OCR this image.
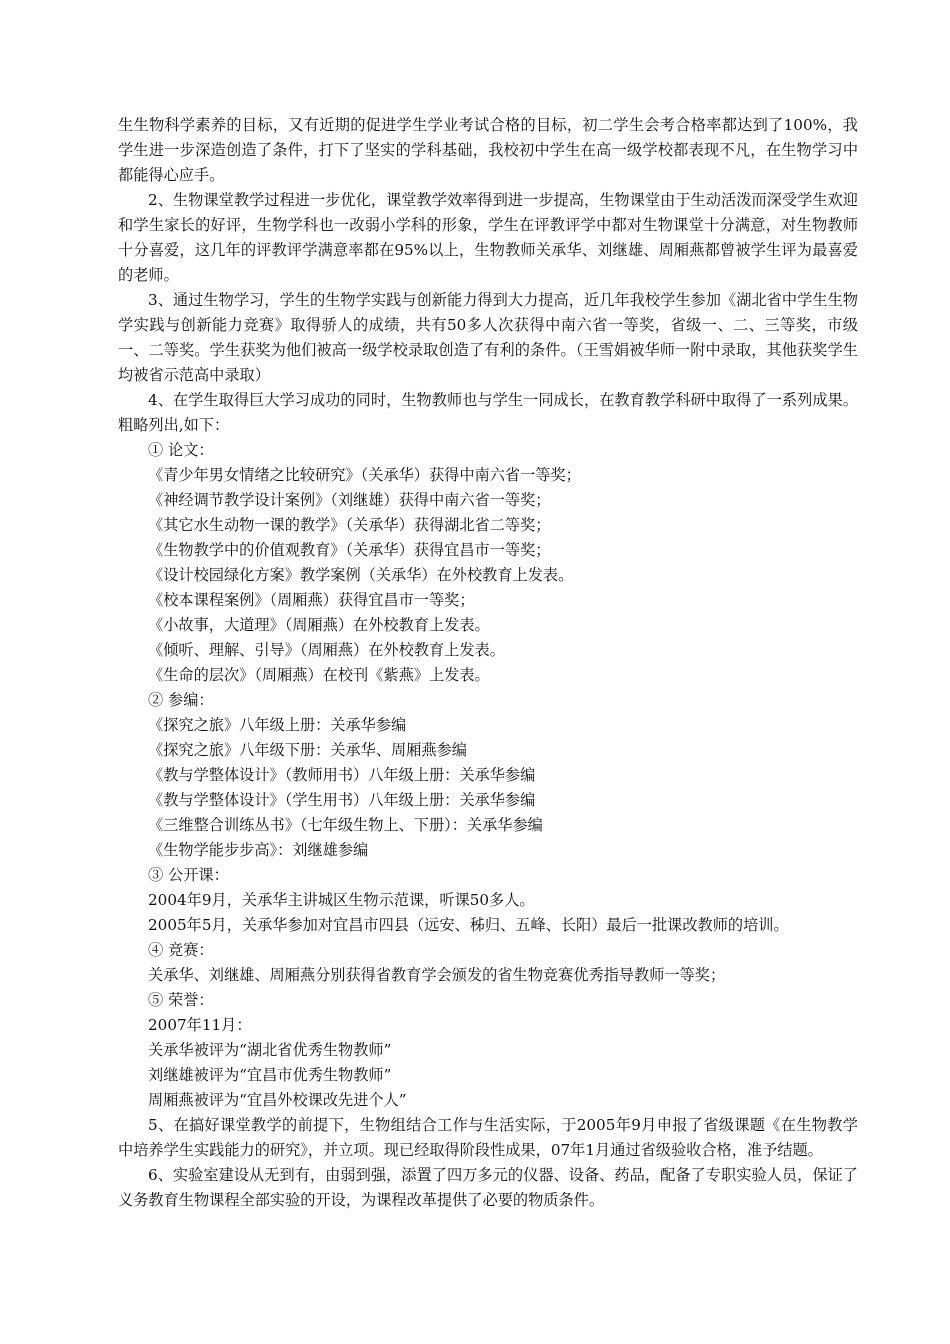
生生物科学素养的目标，又有近期的促进学生学业考试合格的目标，初二学生会考合格率都达到了100%，我学生进一步深造创造了条件，打下了坚实的学科基础，我校初中学生在高一级学校都表现不凡，在生物学习中都能得心应手。

2、生物课堂教学过程进一步优化，课堂教学效率得到进一步提高，生物课堂由于生动活泼而深受学生欢迎和学生家长的好评，生物学科也一改弱小学科的形象，学生在评教评学中都对生物课堂十分满意，对生物教师十分喜爱，这几年的评教评学满意率都在95%以上，生物教师关承华、刘继雄、周厢燕都曾被学生评为最喜爱的老师。

3、通过生物学习，学生的生物学实践与创新能力得到大力提高，近几年我校学生参加《湖北省中学生生物学实践与创新能力竞赛》取得骄人的成绩，共有50多人次获得中南六省一等奖，省级一、二、三等奖，市级一、二等奖。学生获奖为他们被高一级学校录取创造了有利的条件。（王雪娟被华师一附中录取，其他获奖学生均被省示范高中录取）

4、在学生取得巨大学习成功的同时，生物教师也与学生一同成长，在教育教学科研中取得了一系列成果。粗略列出,如下：

① 论文：

《青少年男女情绪之比较研究》（关承华）获得中南六省一等奖；

《神经调节教学设计案例》（刘继雄）获得中南六省一等奖；

《其它水生动物一课的教学》（关承华）获得湖北省二等奖；

《生物教学中的价值观教育》（关承华）获得宜昌市一等奖；

《设计校园绿化方案》教学案例（关承华）在外校教育上发表。

《校本课程案例》（周厢燕）获得宜昌市一等奖；

《小故事，大道理》（周厢燕）在外校教育上发表。

《倾听、理解、引导》（周厢燕）在外校教育上发表。

《生命的层次》（周厢燕）在校刊《紫燕》上发表。

② 参编：

《探究之旅》八年级上册：关承华参编

《探究之旅》八年级下册：关承华、周厢燕参编

《教与学整体设计》（教师用书）八年级上册：关承华参编

《教与学整体设计》（学生用书）八年级上册：关承华参编

《三维整合训练丛书》（七年级生物上、下册）：关承华参编

《生物学能步步高》：刘继雄参编

③ 公开课：

2004年9月，关承华主讲城区生物示范课，听课50多人。

2005年5月，关承华参加对宜昌市四县（远安、秭归、五峰、长阳）最后一批课改教师的培训。

④ 竞赛：

关承华、刘继雄、周厢燕分别获得省教育学会颁发的省生物竞赛优秀指导教师一等奖；

⑤ 荣誉：

2007年11月：

关承华被评为“湖北省优秀生物教师”

刘继雄被评为“宜昌市优秀生物教师”

周厢燕被评为“宜昌外校课改先进个人”

5、在搞好课堂教学的前提下，生物组结合工作与生活实际，于2005年9月申报了省级课题《在生物教学中培养学生实践能力的研究》，并立项。现已经取得阶段性成果，07年1月通过省级验收合格，准予结题。

6、实验室建设从无到有，由弱到强，添置了四万多元的仪器、设备、药品，配备了专职实验人员，保证了义务教育生物课程全部实验的开设，为课程改革提供了必要的物质条件。
